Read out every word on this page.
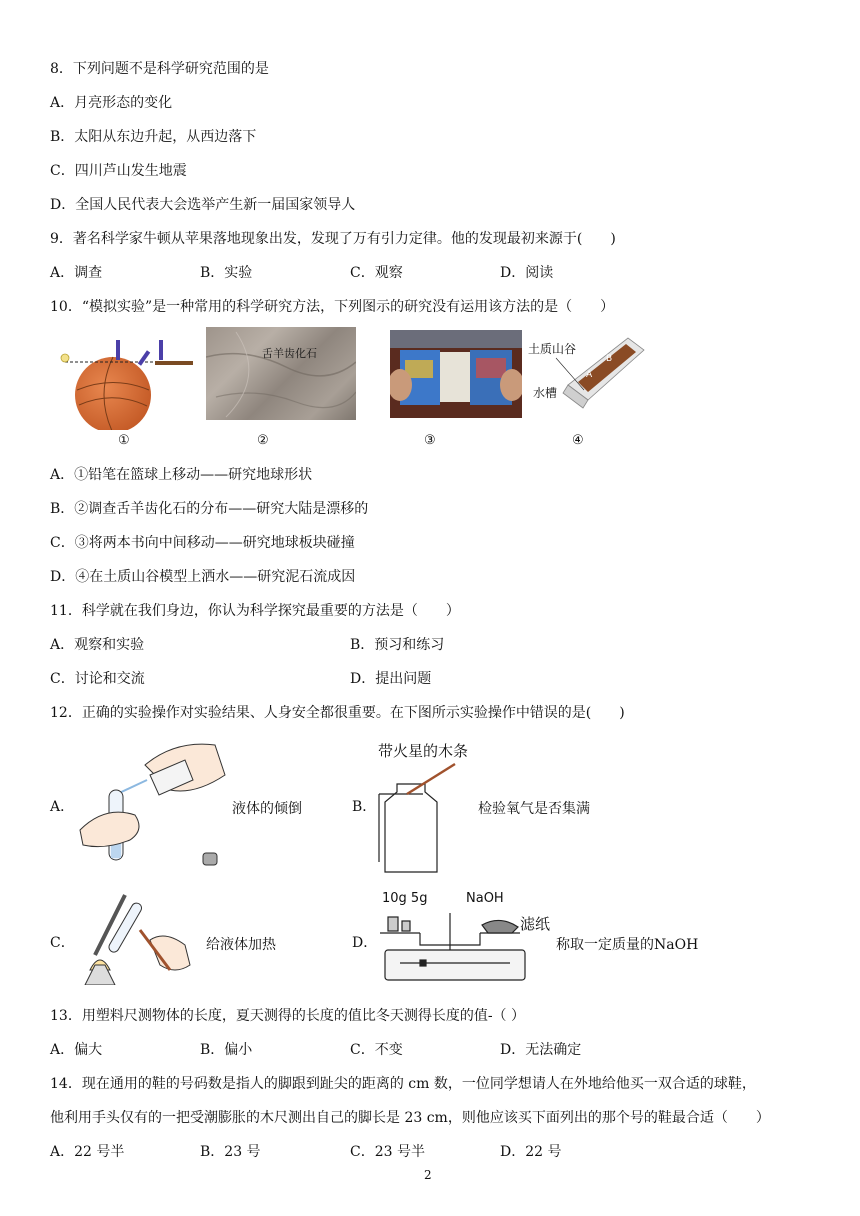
8．下列问题不是科学研究范围的是
A．月亮形态的变化
B．太阳从东边升起，从西边落下
C．四川芦山发生地震
D．全国人民代表大会选举产生新一届国家领导人
9．著名科学家牛顿从苹果落地现象出发，发现了万有引力定律。他的发现最初来源于(　　)
A．调查	B．实验	C．观察	D．阅读
10．“模拟实验”是一种常用的科学研究方法，下列图示的研究没有运用该方法的是（　　）
①
舌羊齿化石
②	③
土质山谷
水槽
A
B
④
A．①铅笔在篮球上移动——研究地球形状
B．②调查舌羊齿化石的分布——研究大陆是漂移的
C．③将两本书向中间移动——研究地球板块碰撞
D．④在土质山谷模型上洒水——研究泥石流成因
11．科学就在我们身边，你认为科学探究最重要的方法是（　　）
A．观察和实验	B．预习和练习
C．讨论和交流	D．提出问题
12．正确的实验操作对实验结果、人身安全都很重要。在下图所示实验操作中错误的是(　　)
A．	液体的倾倒	B．
带火星的木条
检验氧气是否集满
C．	给液体加热	D．
10g 5g	NaOH
滤纸
称取一定质量的NaOH
13．用塑料尺测物体的长度，夏天测得的长度的值比冬天测得长度的值-（ ）
A．偏大	B．偏小	C．不变	D．无法确定
14．现在通用的鞋的号码数是指人的脚跟到趾尖的距离的 cm 数，一位同学想请人在外地给他买一双合适的球鞋，
他利用手头仅有的一把受潮膨胀的木尺测出自己的脚长是 23 cm，则他应该买下面列出的那个号的鞋最合适（　　）
A．22 号半	B．23 号	C．23 号半	D．22 号
2
